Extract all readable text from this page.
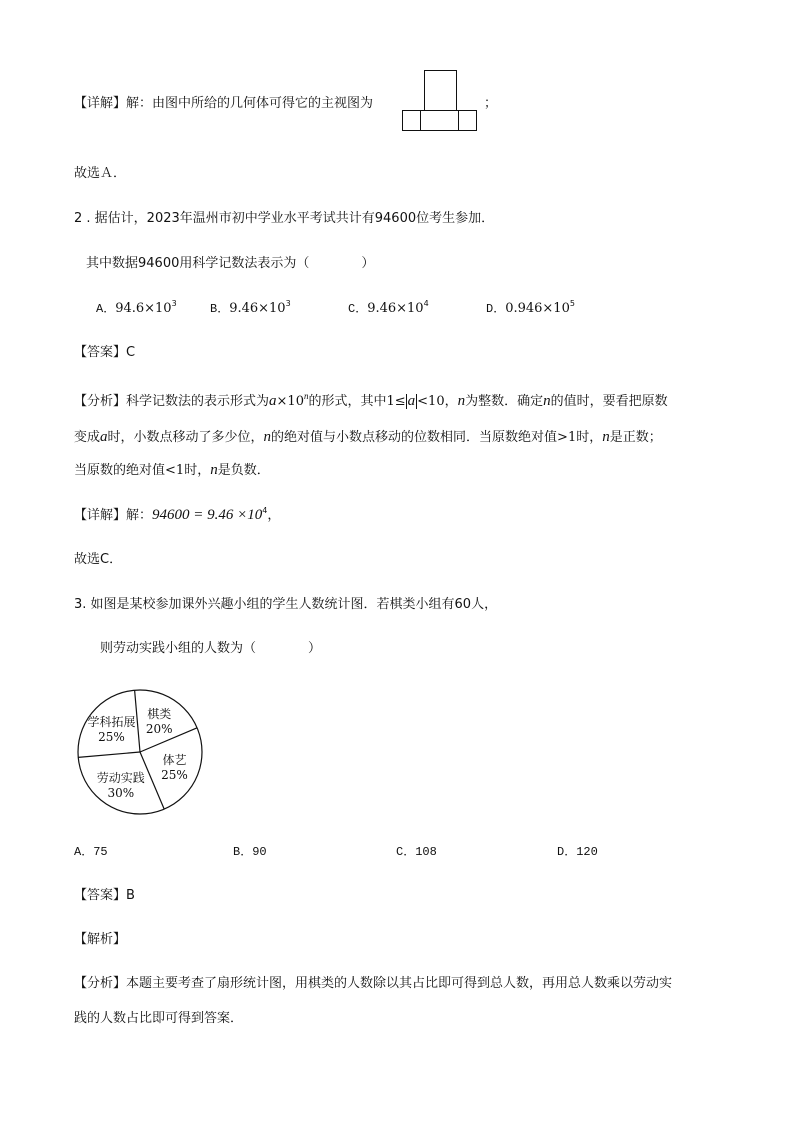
【详解】解：由图中所给的几何体可得它的主视图为	；
故选Ａ．
2 . 据估计，2023年温州市初中学业水平考试共计有94600位考生参加．
其中数据94600用科学记数法表示为（　　　　）
A．$94.6\times 10^3$	B．$9.46\times 10^3$	C．$9.46\times 10^4$	D．$0.946\times 10^5$
【答案】C
【分析】科学记数法的表示形式为$a\times 10^n$的形式，其中1≤ a <10，n为整数．确定n的值时，要看把原数
变成a时，小数点移动了多少位，n的绝对值与小数点移动的位数相同．当原数绝对值>1时，n是正数；
当原数的绝对值<1时，n是负数．
【详解】解：$94600 = 9.46 \times 10^4$，
故选C．
3. 如图是某校参加课外兴趣小组的学生人数统计图．若棋类小组有60人，
则劳动实践小组的人数为（　　　　）
棋类
20%
体艺
25%
劳动实践
30%
学科拓展
25%
A．75	B．90	C．108	D．120
【答案】B
【解析】
【分析】本题主要考查了扇形统计图，用棋类的人数除以其占比即可得到总人数，再用总人数乘以劳动实
践的人数占比即可得到答案．
